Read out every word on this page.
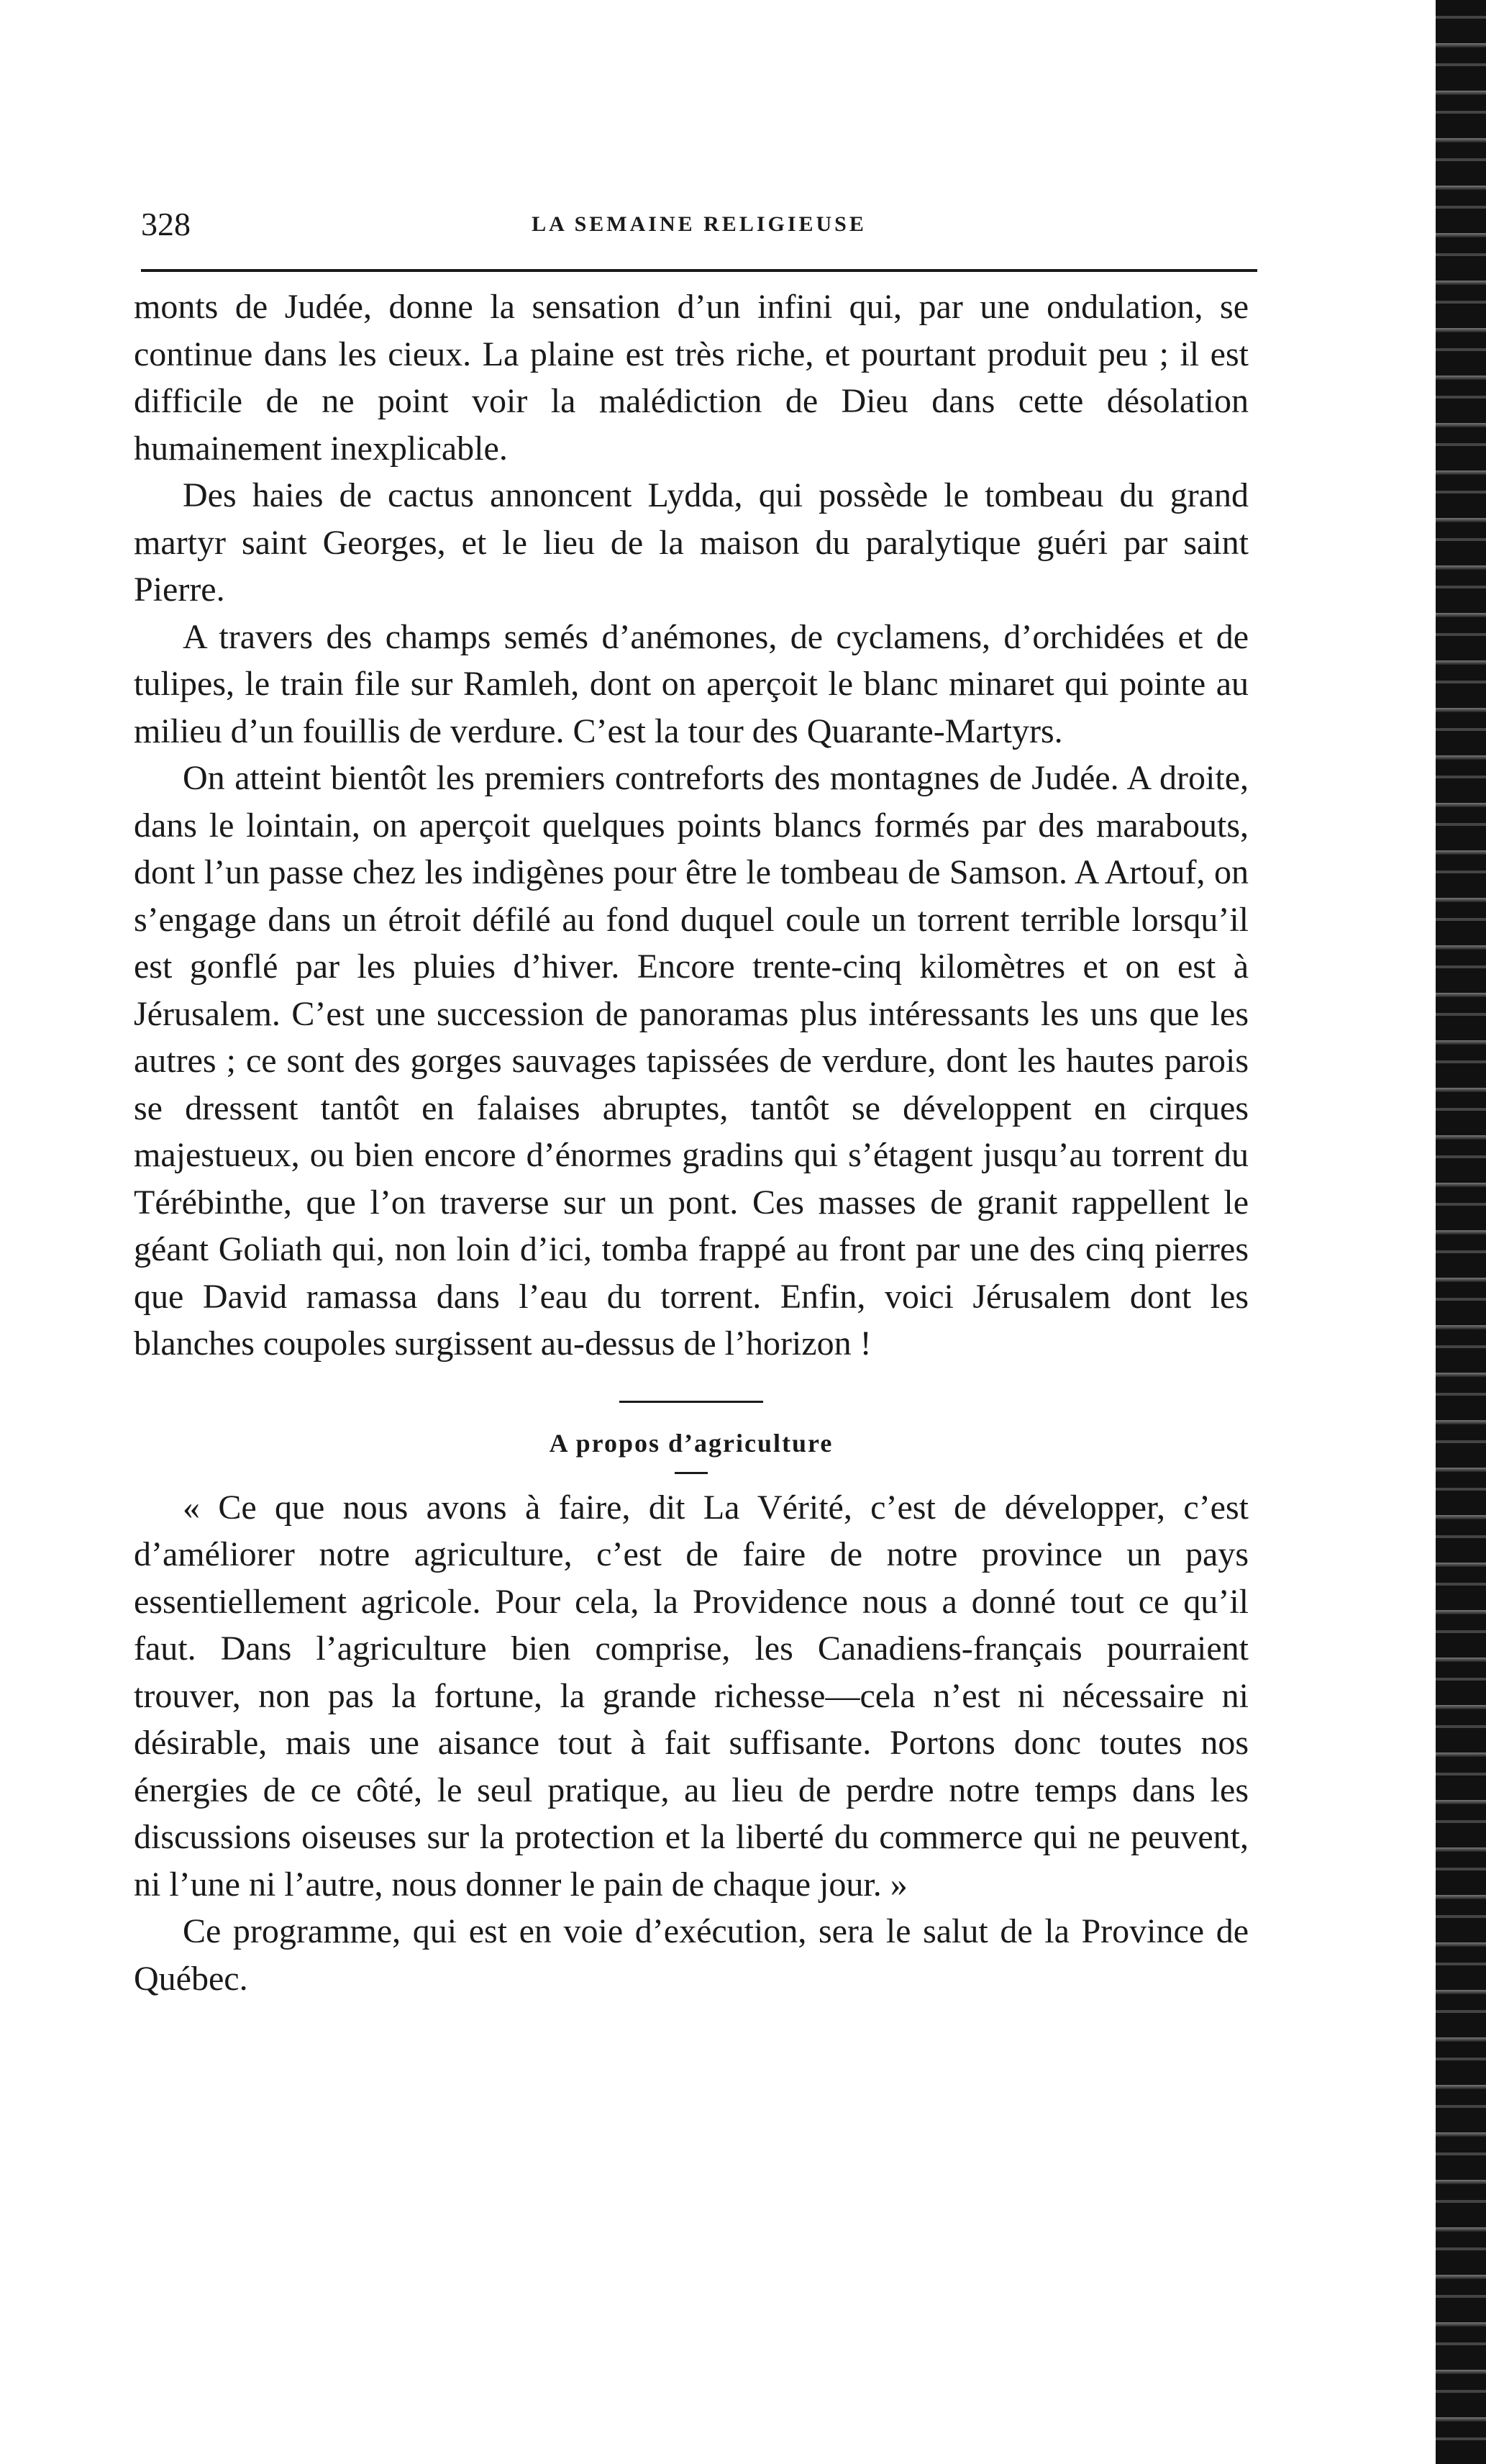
328	LA SEMAINE RELIGIEUSE

monts de Judée, donne la sensation d’un infini qui, par une ondulation, se continue dans les cieux. La plaine est très riche, et pourtant produit peu ; il est difficile de ne point voir la malédiction de Dieu dans cette désolation humainement inexplicable.

Des haies de cactus annoncent Lydda, qui possède le tombeau du grand martyr saint Georges, et le lieu de la maison du paralytique guéri par saint Pierre.

A travers des champs semés d’anémones, de cyclamens, d’orchidées et de tulipes, le train file sur Ramleh, dont on aperçoit le blanc minaret qui pointe au milieu d’un fouillis de verdure. C’est la tour des Quarante-Martyrs.

On atteint bientôt les premiers contreforts des montagnes de Judée. A droite, dans le lointain, on aperçoit quelques points blancs formés par des marabouts, dont l’un passe chez les indigènes pour être le tombeau de Samson. A Artouf, on s’engage dans un étroit défilé au fond duquel coule un torrent terrible lorsqu’il est gonflé par les pluies d’hiver. Encore trente-cinq kilomètres et on est à Jérusalem. C’est une succession de panoramas plus intéressants les uns que les autres ; ce sont des gorges sauvages tapissées de verdure, dont les hautes parois se dressent tantôt en falaises abruptes, tantôt se développent en cirques majestueux, ou bien encore d’énormes gradins qui s’étagent jusqu’au torrent du Térébinthe, que l’on traverse sur un pont. Ces masses de granit rappellent le géant Goliath qui, non loin d’ici, tomba frappé au front par une des cinq pierres que David ramassa dans l’eau du torrent. Enfin, voici Jérusalem dont les blanches coupoles surgissent au-dessus de l’horizon !

A propos d’agriculture

« Ce que nous avons à faire, dit La Vérité, c’est de développer, c’est d’améliorer notre agriculture, c’est de faire de notre province un pays essentiellement agricole. Pour cela, la Providence nous a donné tout ce qu’il faut. Dans l’agriculture bien comprise, les Canadiens-français pourraient trouver, non pas la fortune, la grande richesse—cela n’est ni nécessaire ni désirable, mais une aisance tout à fait suffisante. Portons donc toutes nos énergies de ce côté, le seul pratique, au lieu de perdre notre temps dans les discussions oiseuses sur la protection et la liberté du commerce qui ne peuvent, ni l’une ni l’autre, nous donner le pain de chaque jour. »

Ce programme, qui est en voie d’exécution, sera le salut de la Province de Québec.
